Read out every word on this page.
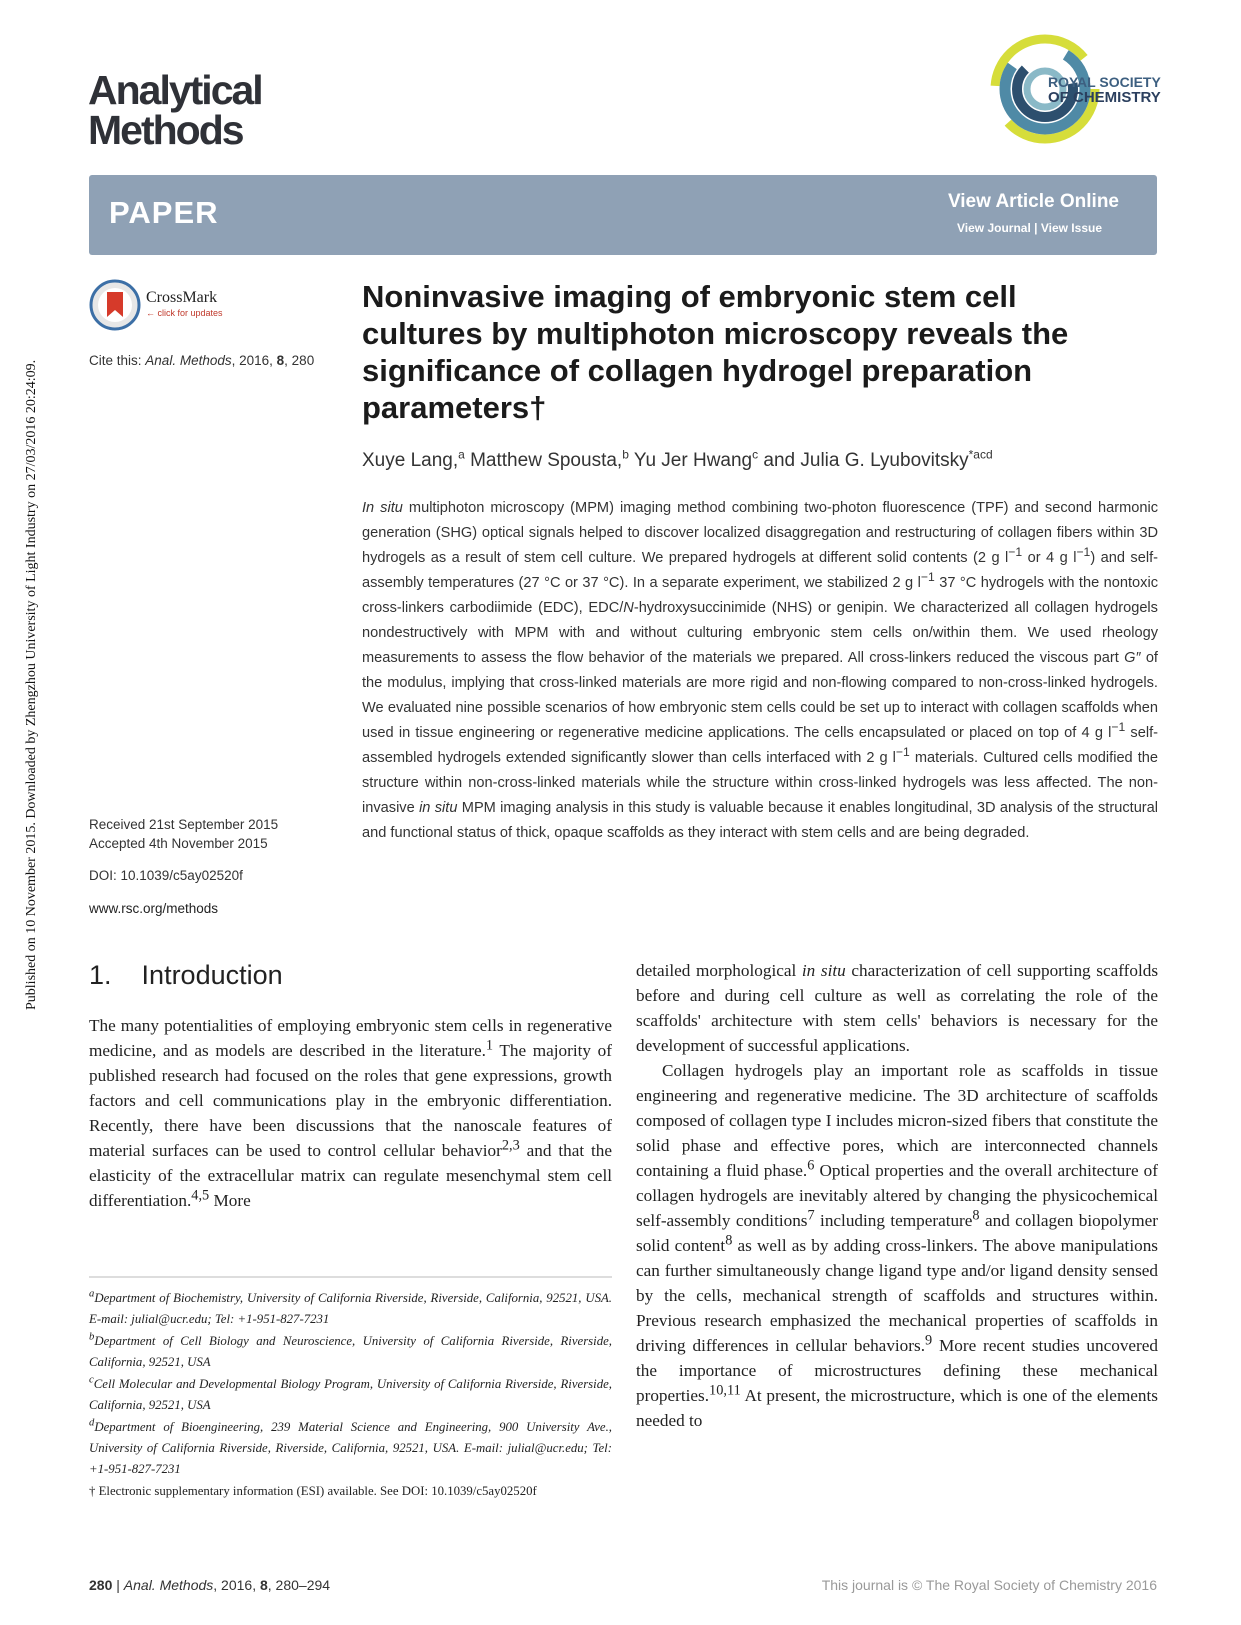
Published on 10 November 2015. Downloaded by Zhengzhou University of Light Industry on 27/03/2016 20:24:09.
Analytical
Methods
ROYAL SOCIETY
OF CHEMISTRY
PAPER	View Article Online
View Journal | View Issue
CrossMark
← click for updates
Cite this: Anal. Methods, 2016, 8, 280
Received 21st September 2015
Accepted 4th November 2015
DOI: 10.1039/c5ay02520f
www.rsc.org/methods
Noninvasive imaging of embryonic stem cell cultures by multiphoton microscopy reveals the significance of collagen hydrogel preparation parameters†
Xuye Lang,$^a$ Matthew Spousta,$^b$ Yu Jer Hwang$^c$ and Julia G. Lyubovitsky$^{*acd}$
In situ multiphoton microscopy (MPM) imaging method combining two-photon fluorescence (TPF) and second harmonic generation (SHG) optical signals helped to discover localized disaggregation and restructuring of collagen fibers within 3D hydrogels as a result of stem cell culture. We prepared hydrogels at different solid contents (2 g $l^{-1}$ or 4 g $l^{-1}$) and self-assembly temperatures (27 °C or 37 °C). In a separate experiment, we stabilized 2 g $l^{-1}$ 37 °C hydrogels with the nontoxic cross-linkers carbodiimide (EDC), EDC/N-hydroxysuccinimide (NHS) or genipin. We characterized all collagen hydrogels nondestructively with MPM with and without culturing embryonic stem cells on/within them. We used rheology measurements to assess the flow behavior of the materials we prepared. All cross-linkers reduced the viscous part G″ of the modulus, implying that cross-linked materials are more rigid and non-flowing compared to non-cross-linked hydrogels. We evaluated nine possible scenarios of how embryonic stem cells could be set up to interact with collagen scaffolds when used in tissue engineering or regenerative medicine applications. The cells encapsulated or placed on top of 4 g $l^{-1}$ self-assembled hydrogels extended significantly slower than cells interfaced with 2 g $l^{-1}$ materials. Cultured cells modified the structure within non-cross-linked materials while the structure within cross-linked hydrogels was less affected. The non-invasive in situ MPM imaging analysis in this study is valuable because it enables longitudinal, 3D analysis of the structural and functional status of thick, opaque scaffolds as they interact with stem cells and are being degraded.
1. Introduction
The many potentialities of employing embryonic stem cells in regenerative medicine, and as models are described in the literature.$^1$ The majority of published research had focused on the roles that gene expressions, growth factors and cell communications play in the embryonic differentiation. Recently, there have been discussions that the nanoscale features of material surfaces can be used to control cellular behavior$^{2,3}$ and that the elasticity of the extracellular matrix can regulate mesenchymal stem cell differentiation.$^{4,5}$ More

$^a$Department of Biochemistry, University of California Riverside, Riverside, California, 92521, USA. E-mail: julial@ucr.edu; Tel: +1-951-827-7231

$^b$Department of Cell Biology and Neuroscience, University of California Riverside, Riverside, California, 92521, USA

$^c$Cell Molecular and Developmental Biology Program, University of California Riverside, Riverside, California, 92521, USA

$^d$Department of Bioengineering, 239 Material Science and Engineering, 900 University Ave., University of California Riverside, Riverside, California, 92521, USA. E-mail: julial@ucr.edu; Tel: +1-951-827-7231

† Electronic supplementary information (ESI) available. See DOI: 10.1039/c5ay02520f

detailed morphological in situ characterization of cell supporting scaffolds before and during cell culture as well as correlating the role of the scaffolds' architecture with stem cells' behaviors is necessary for the development of successful applications.
Collagen hydrogels play an important role as scaffolds in tissue engineering and regenerative medicine. The 3D architecture of scaffolds composed of collagen type I includes micron-sized fibers that constitute the solid phase and effective pores, which are interconnected channels containing a fluid phase.$^6$ Optical properties and the overall architecture of collagen hydrogels are inevitably altered by changing the physicochemical self-assembly conditions$^7$ including temperature$^8$ and collagen biopolymer solid content$^8$ as well as by adding cross-linkers. The above manipulations can further simultaneously change ligand type and/or ligand density sensed by the cells, mechanical strength of scaffolds and structures within. Previous research emphasized the mechanical properties of scaffolds in driving differences in cellular behaviors.$^9$ More recent studies uncovered the importance of microstructures defining these mechanical properties.$^{10,11}$ At present, the microstructure, which is one of the elements needed to
280 | Anal. Methods, 2016, 8, 280–294	This journal is © The Royal Society of Chemistry 2016
